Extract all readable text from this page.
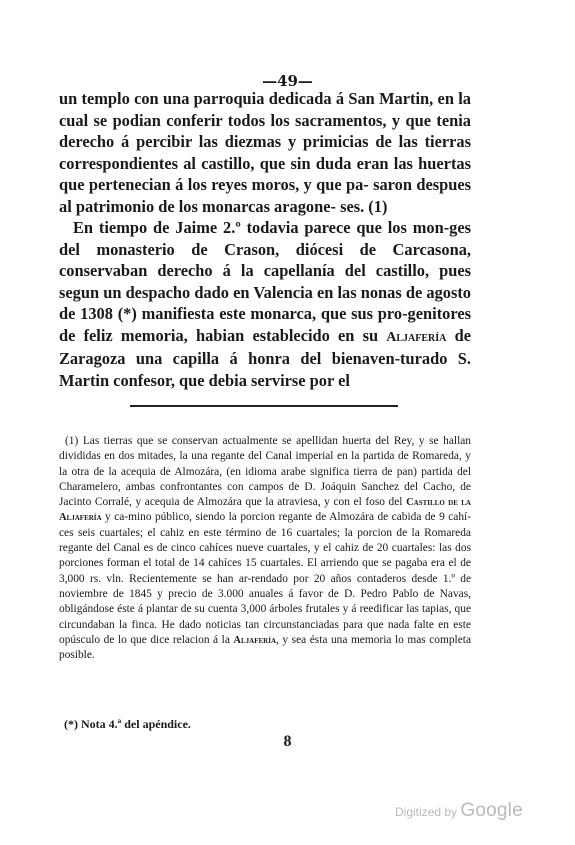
—49—

un templo con una parroquia dedicada á San Martin, en la cual se podian conferir todos los sacramentos, y que tenia derecho á percibir las diezmas y primicias de las tierras correspondientes al castillo, que sin duda eran las huertas que pertenecian á los reyes moros, y que pa- saron despues al patrimonio de los monarcas aragone- ses. (1)

En tiempo de Jaime 2.º todavia parece que los mon-ges del monasterio de Crason, diócesi de Carcasona, conservaban derecho á la capellanía del castillo, pues segun un despacho dado en Valencia en las nonas de agosto de 1308 (*) manifiesta este monarca, que sus pro-genitores de feliz memoria, habian establecido en su Aljafería de Zaragoza una capilla á honra del bienaven-turado S. Martin confesor, que debia servirse por el

(1) Las tierras que se conservan actualmente se apellidan huerta del Rey, y se hallan divididas en dos mitades, la una regante del Canal imperial en la partida de Romareda, y la otra de la acequia de Almozára, (en idioma arabe significa tierra de pan) partida del Charamelero, ambas confrontantes con campos de D. Joáquin Sanchez del Cacho, de Jacinto Corralé, y acequia de Almozára que la atraviesa, y con el foso del Castillo de la Aljafería y ca-mino público, siendo la porcion regante de Almozára de cabida de 9 cahí-ces seis cuartales; el cahiz en este término de 16 cuartales; la porcion de la Romareda regante del Canal es de cinco cahíces nueve cuartales, y el cahiz de 20 cuartales: las dos porciones forman el total de 14 cahíces 15 cuartales. El arriendo que se pagaba era el de 3,000 rs. vln. Recientemente se han ar-rendado por 20 años contaderos desde 1.º de noviembre de 1845 y precio de 3.000 anuales á favor de D. Pedro Pablo de Navas, obligándose éste á plantar de su cuenta 3,000 árboles frutales y á reedificar las tapias, que circundaban la finca. He dado noticias tan circunstanciadas para que nada falte en este opúsculo de lo que dice relacion á la Aljafería, y sea ésta una memoria lo mas completa posible.

(*) Nota 4.ª del apéndice.
8
Digitized by Google
